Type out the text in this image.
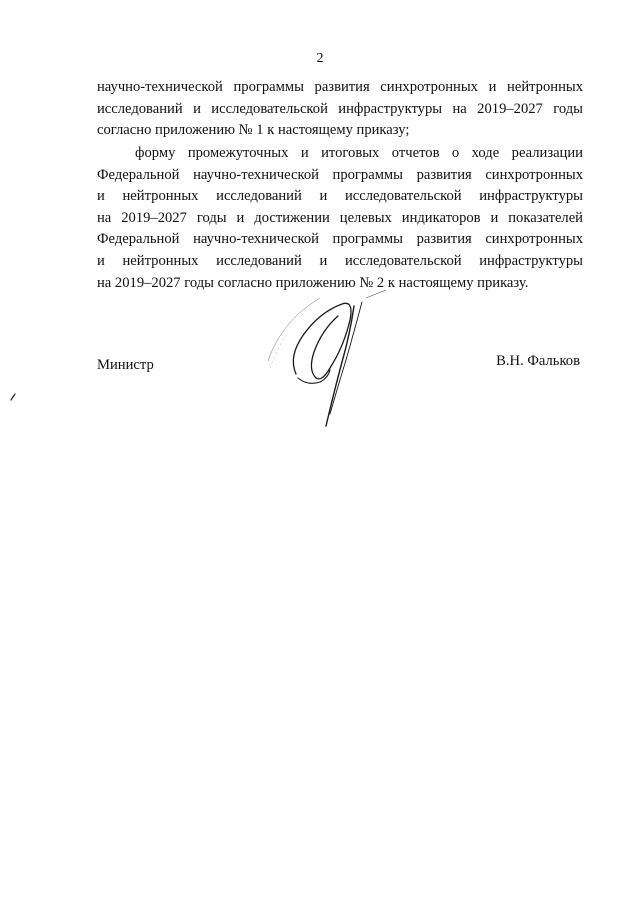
2
научно-технической программы развития синхротронных и нейтронных
исследований и исследовательской инфраструктуры на 2019–2027 годы
согласно приложению № 1 к настоящему приказу;
форму промежуточных и итоговых отчетов о ходе реализации
Федеральной научно-технической программы развития синхротронных
и нейтронных исследований и исследовательской инфраструктуры
на 2019–2027 годы и достижении целевых индикаторов и показателей
Федеральной научно-технической программы развития синхротронных
и нейтронных исследований и исследовательской инфраструктуры
на 2019–2027 годы согласно приложению № 2 к настоящему приказу.
Министр	В.Н. Фальков
